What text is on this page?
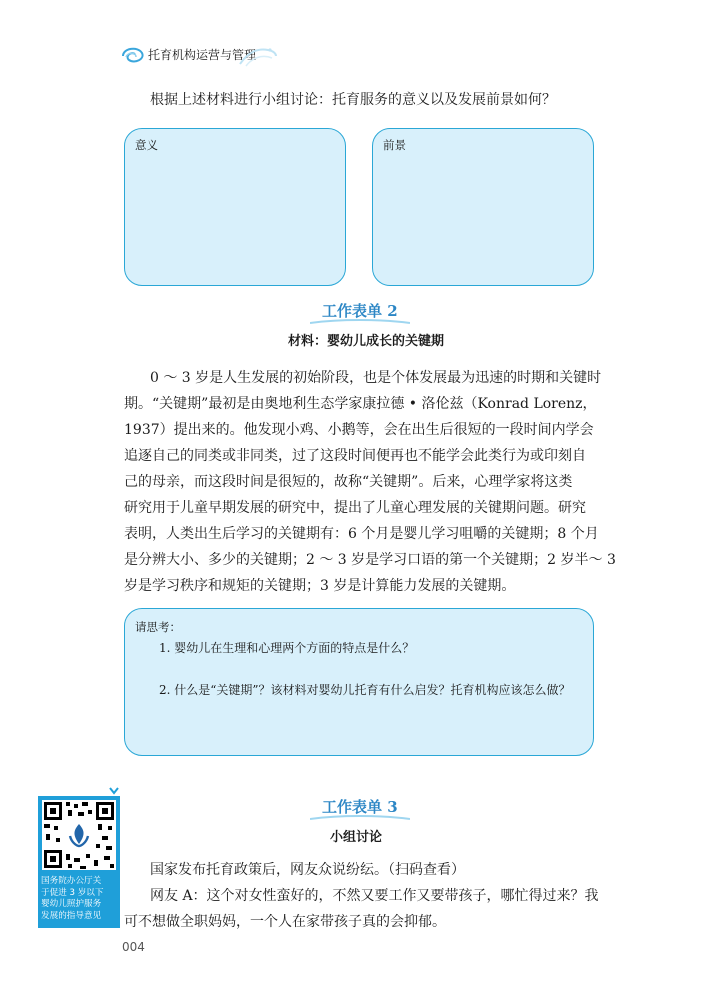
托育机构运营与管理
根据上述材料进行小组讨论：托育服务的意义以及发展前景如何？
意义	前景
工作表单 2
材料：婴幼儿成长的关键期
0 ～ 3 岁是人生发展的初始阶段，也是个体发展最为迅速的时期和关键时
期。“关键期”最初是由奥地利生态学家康拉德 • 洛伦兹（Konrad Lorenz，
1937）提出来的。他发现小鸡、小鹅等，会在出生后很短的一段时间内学会
追逐自己的同类或非同类，过了这段时间便再也不能学会此类行为或印刻自
己的母亲，而这段时间是很短的，故称“关键期”。后来，心理学家将这类
研究用于儿童早期发展的研究中，提出了儿童心理发展的关键期问题。研究
表明，人类出生后学习的关键期有：6 个月是婴儿学习咀嚼的关键期；8 个月
是分辨大小、多少的关键期；2 ～ 3 岁是学习口语的第一个关键期；2 岁半～ 3
岁是学习秩序和规矩的关键期；3 岁是计算能力发展的关键期。
请思考：
1. 婴幼儿在生理和心理两个方面的特点是什么？
2. 什么是“关键期”？该材料对婴幼儿托育有什么启发？托育机构应该怎么做？
国务院办公厅关
于促进 3 岁以下
婴幼儿照护服务
发展的指导意见
工作表单 3
小组讨论
国家发布托育政策后，网友众说纷纭。（扫码查看）
网友 A：这个对女性蛮好的，不然又要工作又要带孩子，哪忙得过来？我
可不想做全职妈妈，一个人在家带孩子真的会抑郁。
004
